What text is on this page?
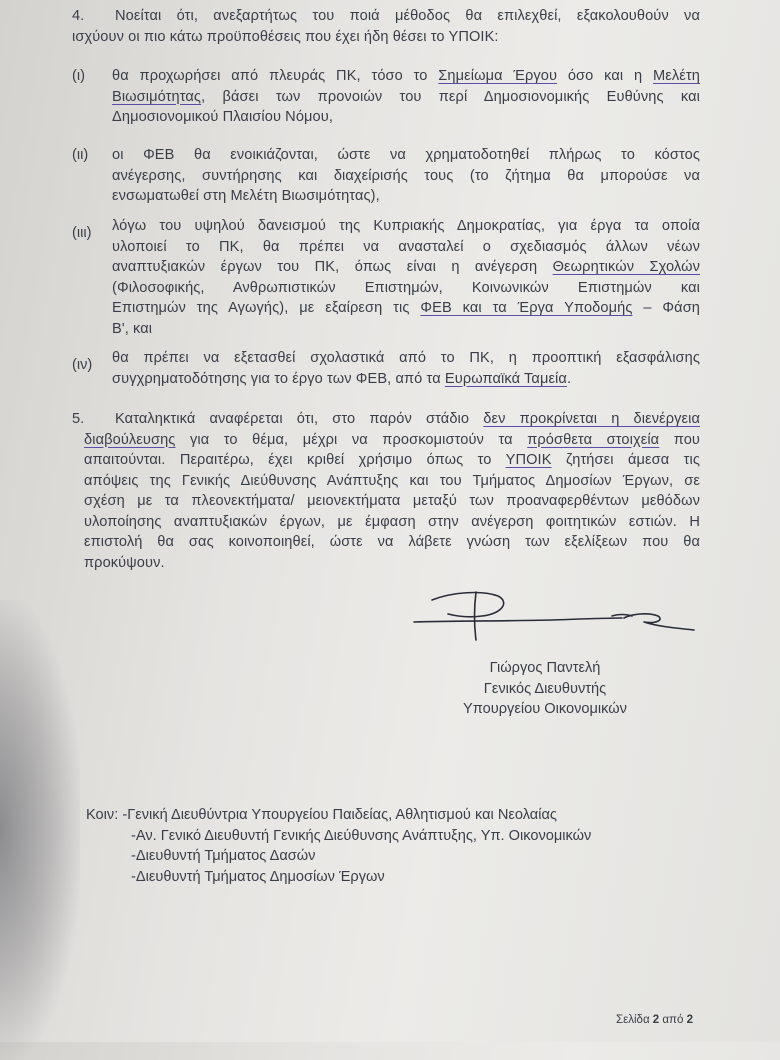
4. Νοείται ότι, ανεξαρτήτως του ποιά μέθοδος θα επιλεχθεί, εξακολουθούν να
ισχύουν οι πιο κάτω προϋποθέσεις που έχει ήδη θέσει το ΥΠΟΙΚ:
(ι) θα προχωρήσει από πλευράς ΠΚ, τόσο το Σημείωμα Έργου όσο και η Μελέτη
Βιωσιμότητας, βάσει των προνοιών του περί Δημοσιονομικής Ευθύνης και
Δημοσιονομικού Πλαισίου Νόμου,
(ιι) οι ΦΕΒ θα ενοικιάζονται, ώστε να χρηματοδοτηθεί πλήρως το κόστος
ανέγερσης, συντήρησης και διαχείρισής τους (το ζήτημα θα μπορούσε να
ενσωματωθεί στη Μελέτη Βιωσιμότητας),
(ιιι) λόγω του υψηλού δανεισμού της Κυπριακής Δημοκρατίας, για έργα τα οποία
υλοποιεί το ΠΚ, θα πρέπει να ανασταλεί ο σχεδιασμός άλλων νέων
αναπτυξιακών έργων του ΠΚ, όπως είναι η ανέγερση Θεωρητικών Σχολών
(Φιλοσοφικής, Ανθρωπιστικών Επιστημών, Κοινωνικών Επιστημών και
Επιστημών της Αγωγής), με εξαίρεση τις ΦΕΒ και τα Έργα Υποδομής – Φάση
Β', και
(ιν) θα πρέπει να εξετασθεί σχολαστικά από το ΠΚ, η προοπτική εξασφάλισης
συγχρηματοδότησης για το έργο των ΦΕΒ, από τα Ευρωπαϊκά Ταμεία.
5. Καταληκτικά αναφέρεται ότι, στο παρόν στάδιο δεν προκρίνεται η διενέργεια
διαβούλευσης για το θέμα, μέχρι να προσκομιστούν τα πρόσθετα στοιχεία που
απαιτούνται. Περαιτέρω, έχει κριθεί χρήσιμο όπως το ΥΠΟΙΚ ζητήσει άμεσα τις
απόψεις της Γενικής Διεύθυνσης Ανάπτυξης και του Τμήματος Δημοσίων Έργων, σε
σχέση με τα πλεονεκτήματα/ μειονεκτήματα μεταξύ των προαναφερθέντων μεθόδων
υλοποίησης αναπτυξιακών έργων, με έμφαση στην ανέγερση φοιτητικών εστιών. Η
επιστολή θα σας κοινοποιηθεί, ώστε να λάβετε γνώση των εξελίξεων που θα
προκύψουν.
Γιώργος Παντελή
Γενικός Διευθυντής
Υπουργείου Οικονομικών
Κοιν: -Γενική Διευθύντρια Υπουργείου Παιδείας, Αθλητισμού και Νεολαίας
-Αν. Γενικό Διευθυντή Γενικής Διεύθυνσης Ανάπτυξης, Υπ. Οικονομικών
-Διευθυντή Τμήματος Δασών
-Διευθυντή Τμήματος Δημοσίων Έργων
Σελίδα 2 από 2
